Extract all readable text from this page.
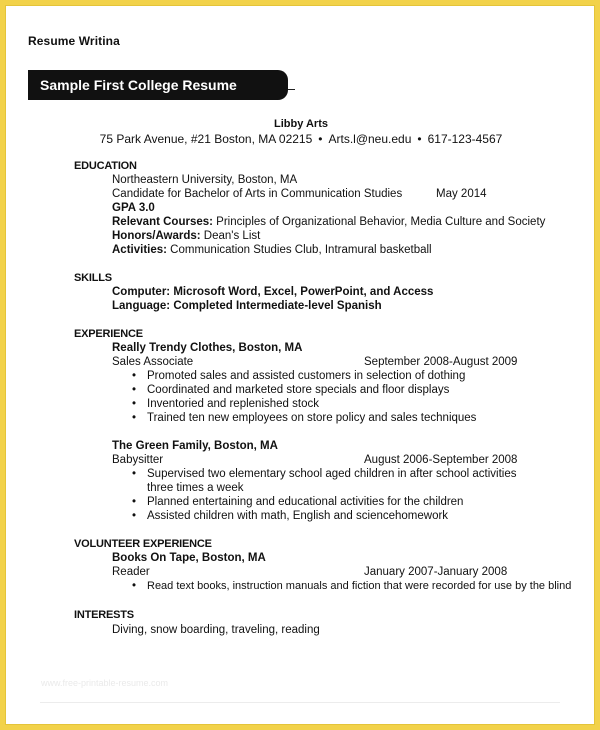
Resume Writina
Sample First College Resume
Libby Arts
75 Park Avenue, #21 Boston, MA 02215 • Arts.l@neu.edu • 617-123-4567
EDUCATION
Northeastern University, Boston, MA
Candidate for Bachelor of Arts in Communication Studies	May 2014
GPA 3.0
Relevant Courses: Principles of Organizational Behavior, Media Culture and Society
Honors/Awards: Dean's List
Activities: Communication Studies Club, Intramural basketball
SKILLS
Computer: Microsoft Word, Excel, PowerPoint, and Access
Language: Completed Intermediate-level Spanish
EXPERIENCE
Really Trendy Clothes, Boston, MA
Sales Associate	September 2008-August 2009
• Promoted sales and assisted customers in selection of dothing
• Coordinated and marketed store specials and floor displays
• Inventoried and replenished stock
• Trained ten new employees on store policy and sales techniques
The Green Family, Boston, MA
Babysitter	August 2006-September 2008
• Supervised two elementary school aged children in after school activities
three times a week
• Planned entertaining and educational activities for the children
• Assisted children with math, English and sciencehomework
VOLUNTEER EXPERIENCE
Books On Tape, Boston, MA
Reader	January 2007-January 2008
• Read text books, instruction manuals and fiction that were recorded for use by the blind
INTERESTS
Diving, snow boarding, traveling, reading
www.free-printable-resume.com
